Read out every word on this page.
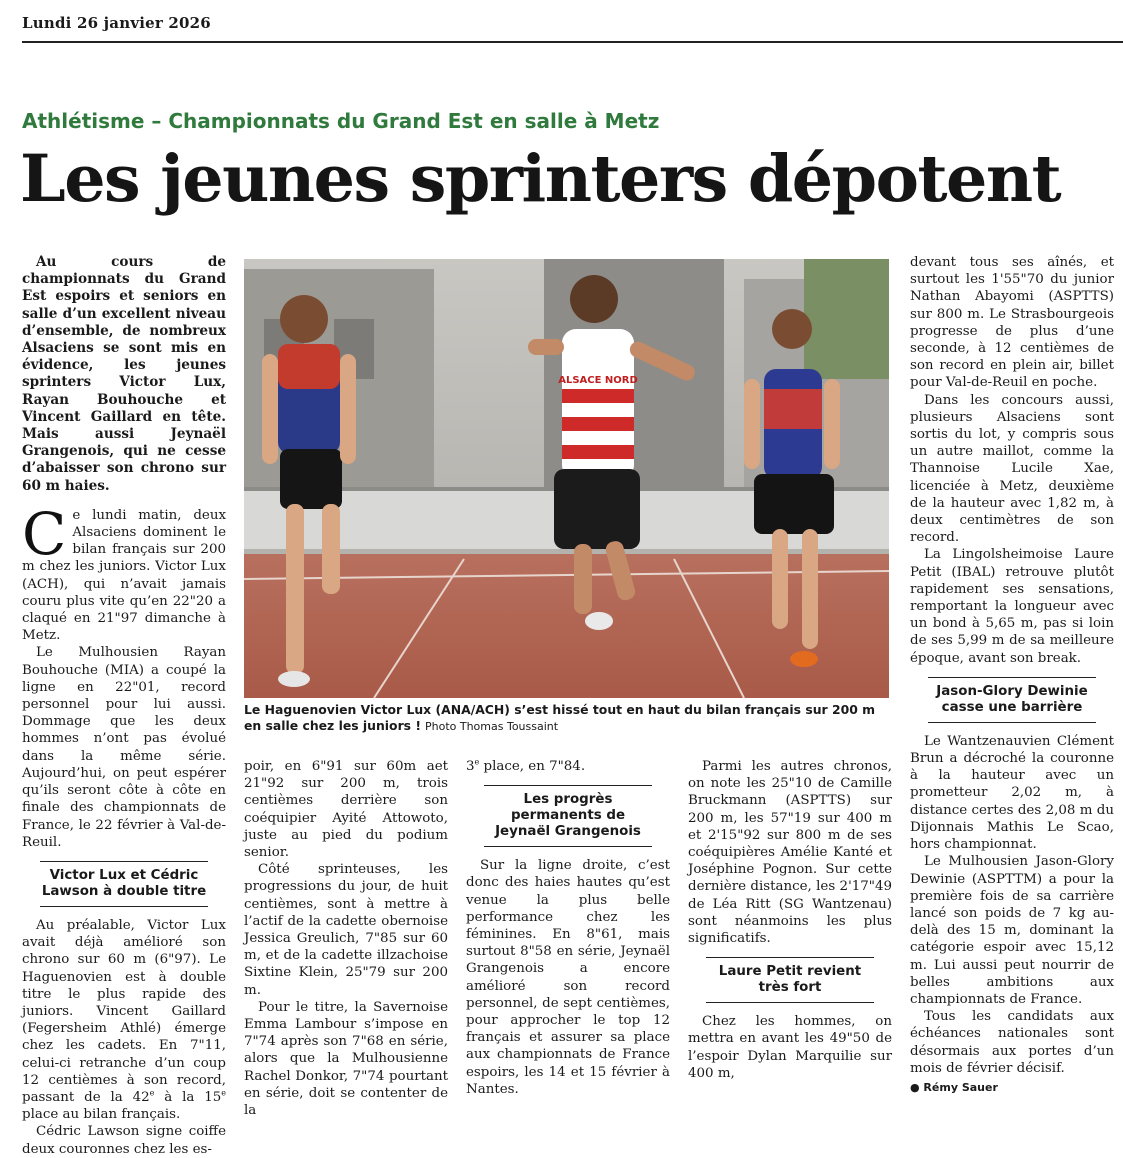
Lundi 26 janvier 2026
Athlétisme – Championnats du Grand Est en salle à Metz
Les jeunes sprinters dépotent

Au cours de championnats du Grand Est espoirs et seniors en salle d’un excellent niveau d’ensemble, de nombreux Alsaciens se sont mis en évidence, les jeunes sprinters Victor Lux, Rayan Bouhouche et Vincent Gaillard en tête. Mais aussi Jeynaël Grangenois, qui ne cesse d’abaisser son chrono sur 60 m haies.

Ce lundi matin, deux Alsaciens dominent le bilan français sur 200 m chez les juniors. Victor Lux (ACH), qui n’avait jamais couru plus vite qu’en 22"20 a claqué en 21"97 dimanche à Metz.

Le Mulhousien Rayan Bouhouche (MIA) a coupé la ligne en 22"01, record personnel pour lui aussi. Dommage que les deux hommes n’ont pas évolué dans la même série. Aujourd’hui, on peut espérer qu’ils seront côte à côte en finale des championnats de France, le 22 février à Val-de-Reuil.

Victor Lux et Cédric Lawson à double titre

Au préalable, Victor Lux avait déjà amélioré son chrono sur 60 m (6"97). Le Haguenovien est à double titre le plus rapide des juniors. Vincent Gaillard (Fegersheim Athlé) émerge chez les cadets. En 7"11, celui-ci retranche d’un coup 12 centièmes à son record, passant de la 42e à la 15e place au bilan français.

Cédric Lawson signe coiffe deux couronnes chez les es-

ALSACE NORD
Le Haguenovien Victor Lux (ANA/ACH) s’est hissé tout en haut du bilan français sur 200 m en salle chez les juniors ! Photo Thomas Toussaint

poir, en 6"91 sur 60m aet 21"92 sur 200 m, trois centièmes derrière son coéquipier Ayité Attowoto, juste au pied du podium senior.

Côté sprinteuses, les progressions du jour, de huit centièmes, sont à mettre à l’actif de la cadette obernoise Jessica Greulich, 7"85 sur 60 m, et de la cadette illzachoise Sixtine Klein, 25"79 sur 200 m.

Pour le titre, la Savernoise Emma Lambour s’impose en 7"74 après son 7"68 en série, alors que la Mulhousienne Rachel Donkor, 7"74 pourtant en série, doit se contenter de la

3e place, en 7"84.

Les progrès permanents de Jeynaël Grangenois

Sur la ligne droite, c’est donc des haies hautes qu’est venue la plus belle performance chez les féminines. En 8"61, mais surtout 8"58 en série, Jeynaël Grangenois a encore amélioré son record personnel, de sept centièmes, pour approcher le top 12 français et assurer sa place aux championnats de France espoirs, les 14 et 15 février à Nantes.

Parmi les autres chronos, on note les 25"10 de Camille Bruckmann (ASPTTS) sur 200 m, les 57"19 sur 400 m et 2'15"92 sur 800 m de ses coéquipières Amélie Kanté et Joséphine Pognon. Sur cette dernière distance, les 2'17"49 de Léa Ritt (SG Wantzenau) sont néanmoins les plus significatifs.

Laure Petit revient très fort

Chez les hommes, on mettra en avant les 49"50 de l’espoir Dylan Marquilie sur 400 m,

devant tous ses aînés, et surtout les 1'55"70 du junior Nathan Abayomi (ASPTTS) sur 800 m. Le Strasbourgeois progresse de plus d’une seconde, à 12 centièmes de son record en plein air, billet pour Val-de-Reuil en poche.

Dans les concours aussi, plusieurs Alsaciens sont sortis du lot, y compris sous un autre maillot, comme la Thannoise Lucile Xae, licenciée à Metz, deuxième de la hauteur avec 1,82 m, à deux centimètres de son record.

La Lingolsheimoise Laure Petit (IBAL) retrouve plutôt rapidement ses sensations, remportant la longueur avec un bond à 5,65 m, pas si loin de ses 5,99 m de sa meilleure époque, avant son break.

Jason-Glory Dewinie casse une barrière

Le Wantzenauvien Clément Brun a décroché la couronne à la hauteur avec un prometteur 2,02 m, à distance certes des 2,08 m du Dijonnais Mathis Le Scao, hors championnat.

Le Mulhousien Jason-Glory Dewinie (ASPTTM) a pour la première fois de sa carrière lancé son poids de 7 kg au-delà des 15 m, dominant la catégorie espoir avec 15,12 m. Lui aussi peut nourrir de belles ambitions aux championnats de France.

Tous les candidats aux échéances nationales sont désormais aux portes d’un mois de février décisif.

● Rémy Sauer
